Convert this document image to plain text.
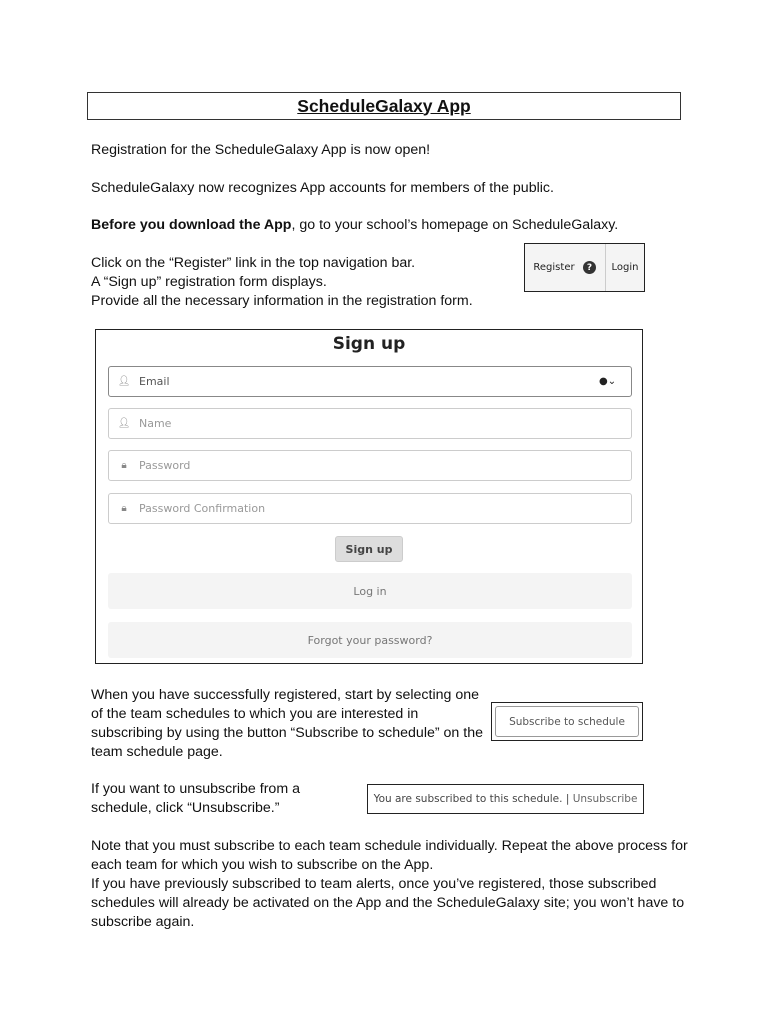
ScheduleGalaxy App
Registration for the ScheduleGalaxy App is now open!
ScheduleGalaxy now recognizes App accounts for members of the public.
Before you download the App, go to your school’s homepage on ScheduleGalaxy.
Click on the “Register” link in the top navigation bar.
A “Sign up” registration form displays.
Provide all the necessary information in the registration form.
Register	?	Login
Sign up
👤︎ Email	●⌄
👤︎ Name
🔒︎	Password
🔒︎	Password Confirmation
Sign up
Log in
Forgot your password?
When you have successfully registered, start by selecting one
of the team schedules to which you are interested in
subscribing by using the button “Subscribe to schedule” on the
team schedule page.
Subscribe to schedule
If you want to unsubscribe from a
schedule, click “Unsubscribe.”
You are subscribed to this schedule. | Unsubscribe
Note that you must subscribe to each team schedule individually. Repeat the above process for
each team for which you wish to subscribe on the App.
If you have previously subscribed to team alerts, once you’ve registered, those subscribed
schedules will already be activated on the App and the ScheduleGalaxy site; you won’t have to
subscribe again.
